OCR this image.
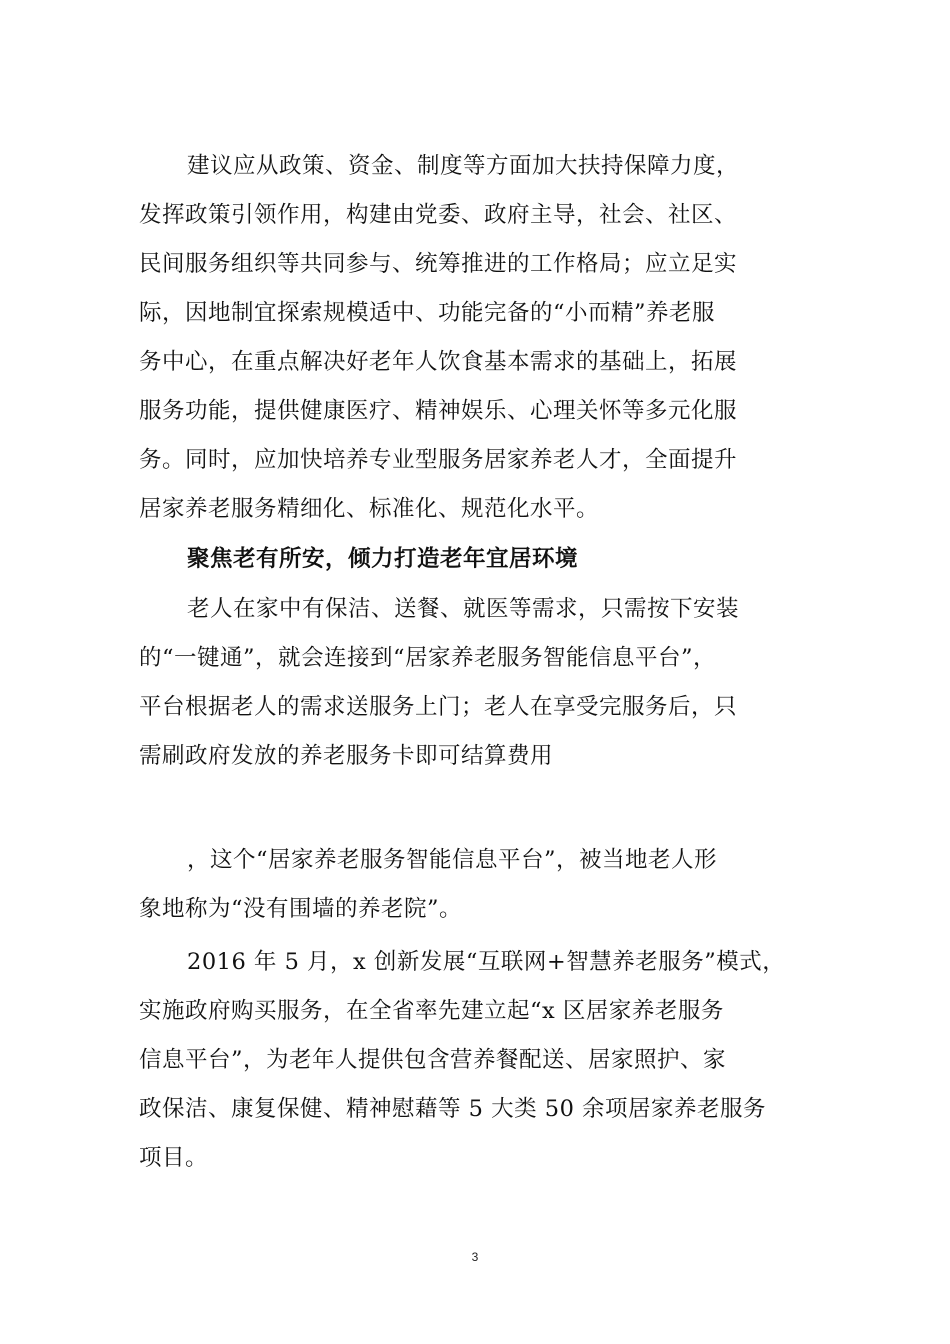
建议应从政策、资金、制度等方面加大扶持保障力度，
发挥政策引领作用，构建由党委、政府主导，社会、社区、
民间服务组织等共同参与、统筹推进的工作格局；应立足实
际，因地制宜探索规模适中、功能完备的“小而精”养老服
务中心，在重点解决好老年人饮食基本需求的基础上，拓展
服务功能，提供健康医疗、精神娱乐、心理关怀等多元化服
务。同时，应加快培养专业型服务居家养老人才，全面提升
居家养老服务精细化、标准化、规范化水平。
聚焦老有所安，倾力打造老年宜居环境
老人在家中有保洁、送餐、就医等需求，只需按下安装
的“一键通”，就会连接到“居家养老服务智能信息平台”，
平台根据老人的需求送服务上门；老人在享受完服务后，只
需刷政府发放的养老服务卡即可结算费用
，这个“居家养老服务智能信息平台”，被当地老人形
象地称为“没有围墙的养老院”。
2016 年 5 月，x 创新发展“互联网+智慧养老服务”模式，
实施政府购买服务，在全省率先建立起“x 区居家养老服务
信息平台”，为老年人提供包含营养餐配送、居家照护、家
政保洁、康复保健、精神慰藉等 5 大类 50 余项居家养老服务
项目。
3
